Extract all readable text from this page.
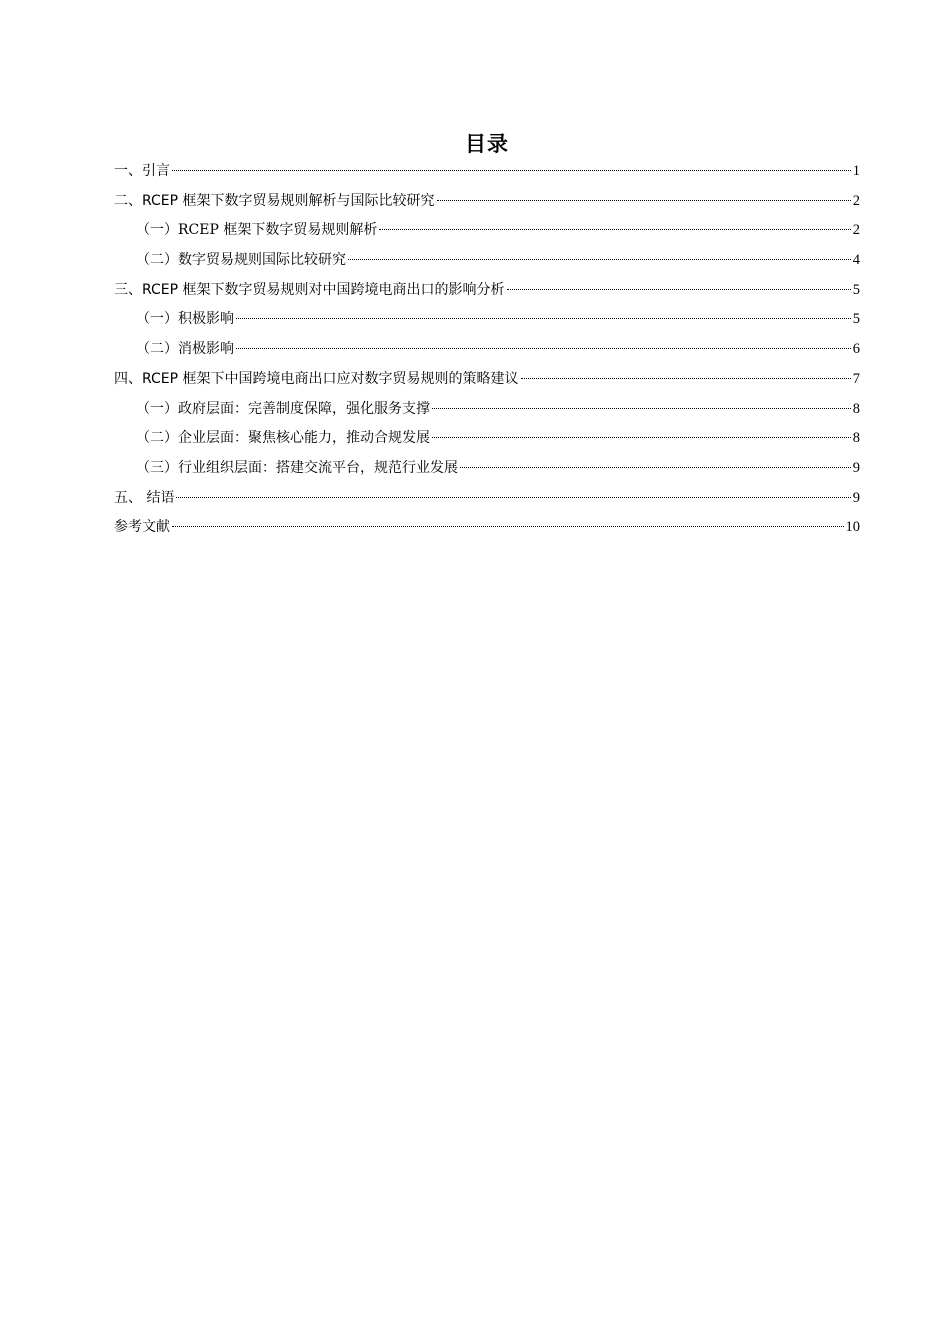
目录
一、引言	1
二、RCEP 框架下数字贸易规则解析与国际比较研究	2
（一）RCEP 框架下数字贸易规则解析	2
（二）数字贸易规则国际比较研究	4
三、RCEP 框架下数字贸易规则对中国跨境电商出口的影响分析	5
（一）积极影响	5
（二）消极影响	6
四、RCEP 框架下中国跨境电商出口应对数字贸易规则的策略建议	7
（一）政府层面：完善制度保障，强化服务支撑	8
（二）企业层面：聚焦核心能力，推动合规发展	8
（三）行业组织层面：搭建交流平台，规范行业发展	9
五、 结语	9
参考文献	10
